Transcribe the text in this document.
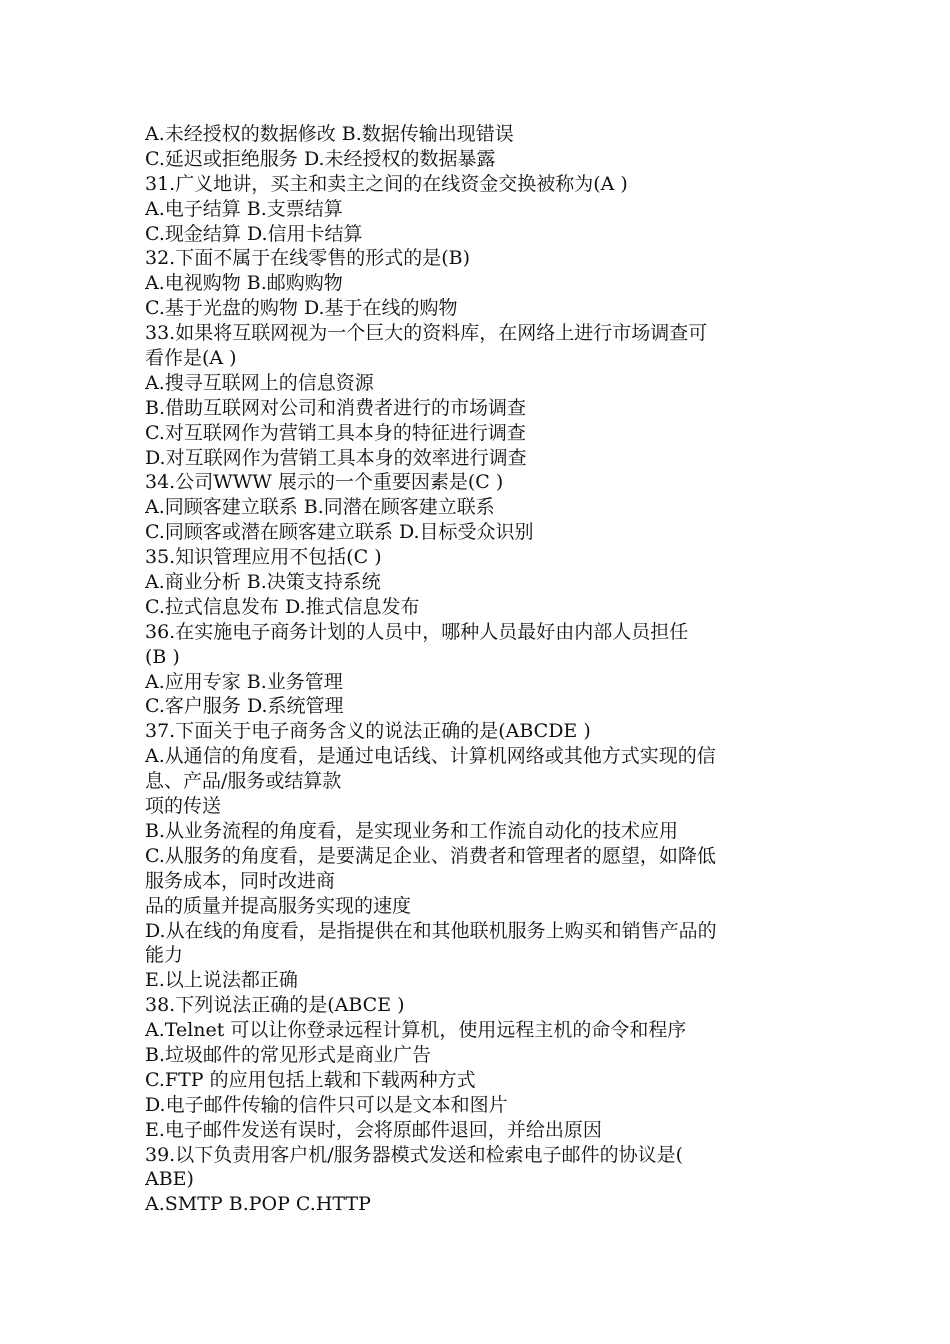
A.未经授权的数据修改 B.数据传输出现错误

C.延迟或拒绝服务 D.未经授权的数据暴露

31.广义地讲，买主和卖主之间的在线资金交换被称为(A )

A.电子结算 B.支票结算

C.现金结算 D.信用卡结算

32.下面不属于在线零售的形式的是(B)

A.电视购物 B.邮购购物

C.基于光盘的购物 D.基于在线的购物

33.如果将互联网视为一个巨大的资料库，在网络上进行市场调查可

看作是(A )

A.搜寻互联网上的信息资源

B.借助互联网对公司和消费者进行的市场调查

C.对互联网作为营销工具本身的特征进行调查

D.对互联网作为营销工具本身的效率进行调查

34.公司WWW 展示的一个重要因素是(C )

A.同顾客建立联系 B.同潜在顾客建立联系

C.同顾客或潜在顾客建立联系 D.目标受众识别

35.知识管理应用不包括(C )

A.商业分析 B.决策支持系统

C.拉式信息发布 D.推式信息发布

36.在实施电子商务计划的人员中，哪种人员最好由内部人员担任

(B )

A.应用专家 B.业务管理

C.客户服务 D.系统管理

37.下面关于电子商务含义的说法正确的是(ABCDE )

A.从通信的角度看，是通过电话线、计算机网络或其他方式实现的信

息、产品/服务或结算款

项的传送

B.从业务流程的角度看，是实现业务和工作流自动化的技术应用

C.从服务的角度看，是要满足企业、消费者和管理者的愿望，如降低

服务成本，同时改进商

品的质量并提高服务实现的速度

D.从在线的角度看，是指提供在和其他联机服务上购买和销售产品的

能力

E.以上说法都正确

38.下列说法正确的是(ABCE )

A.Telnet 可以让你登录远程计算机，使用远程主机的命令和程序

B.垃圾邮件的常见形式是商业广告

C.FTP 的应用包括上载和下载两种方式

D.电子邮件传输的信件只可以是文本和图片

E.电子邮件发送有误时，会将原邮件退回，并给出原因

39.以下负责用客户机/服务器模式发送和检索电子邮件的协议是(

ABE)

A.SMTP B.POP C.HTTP
